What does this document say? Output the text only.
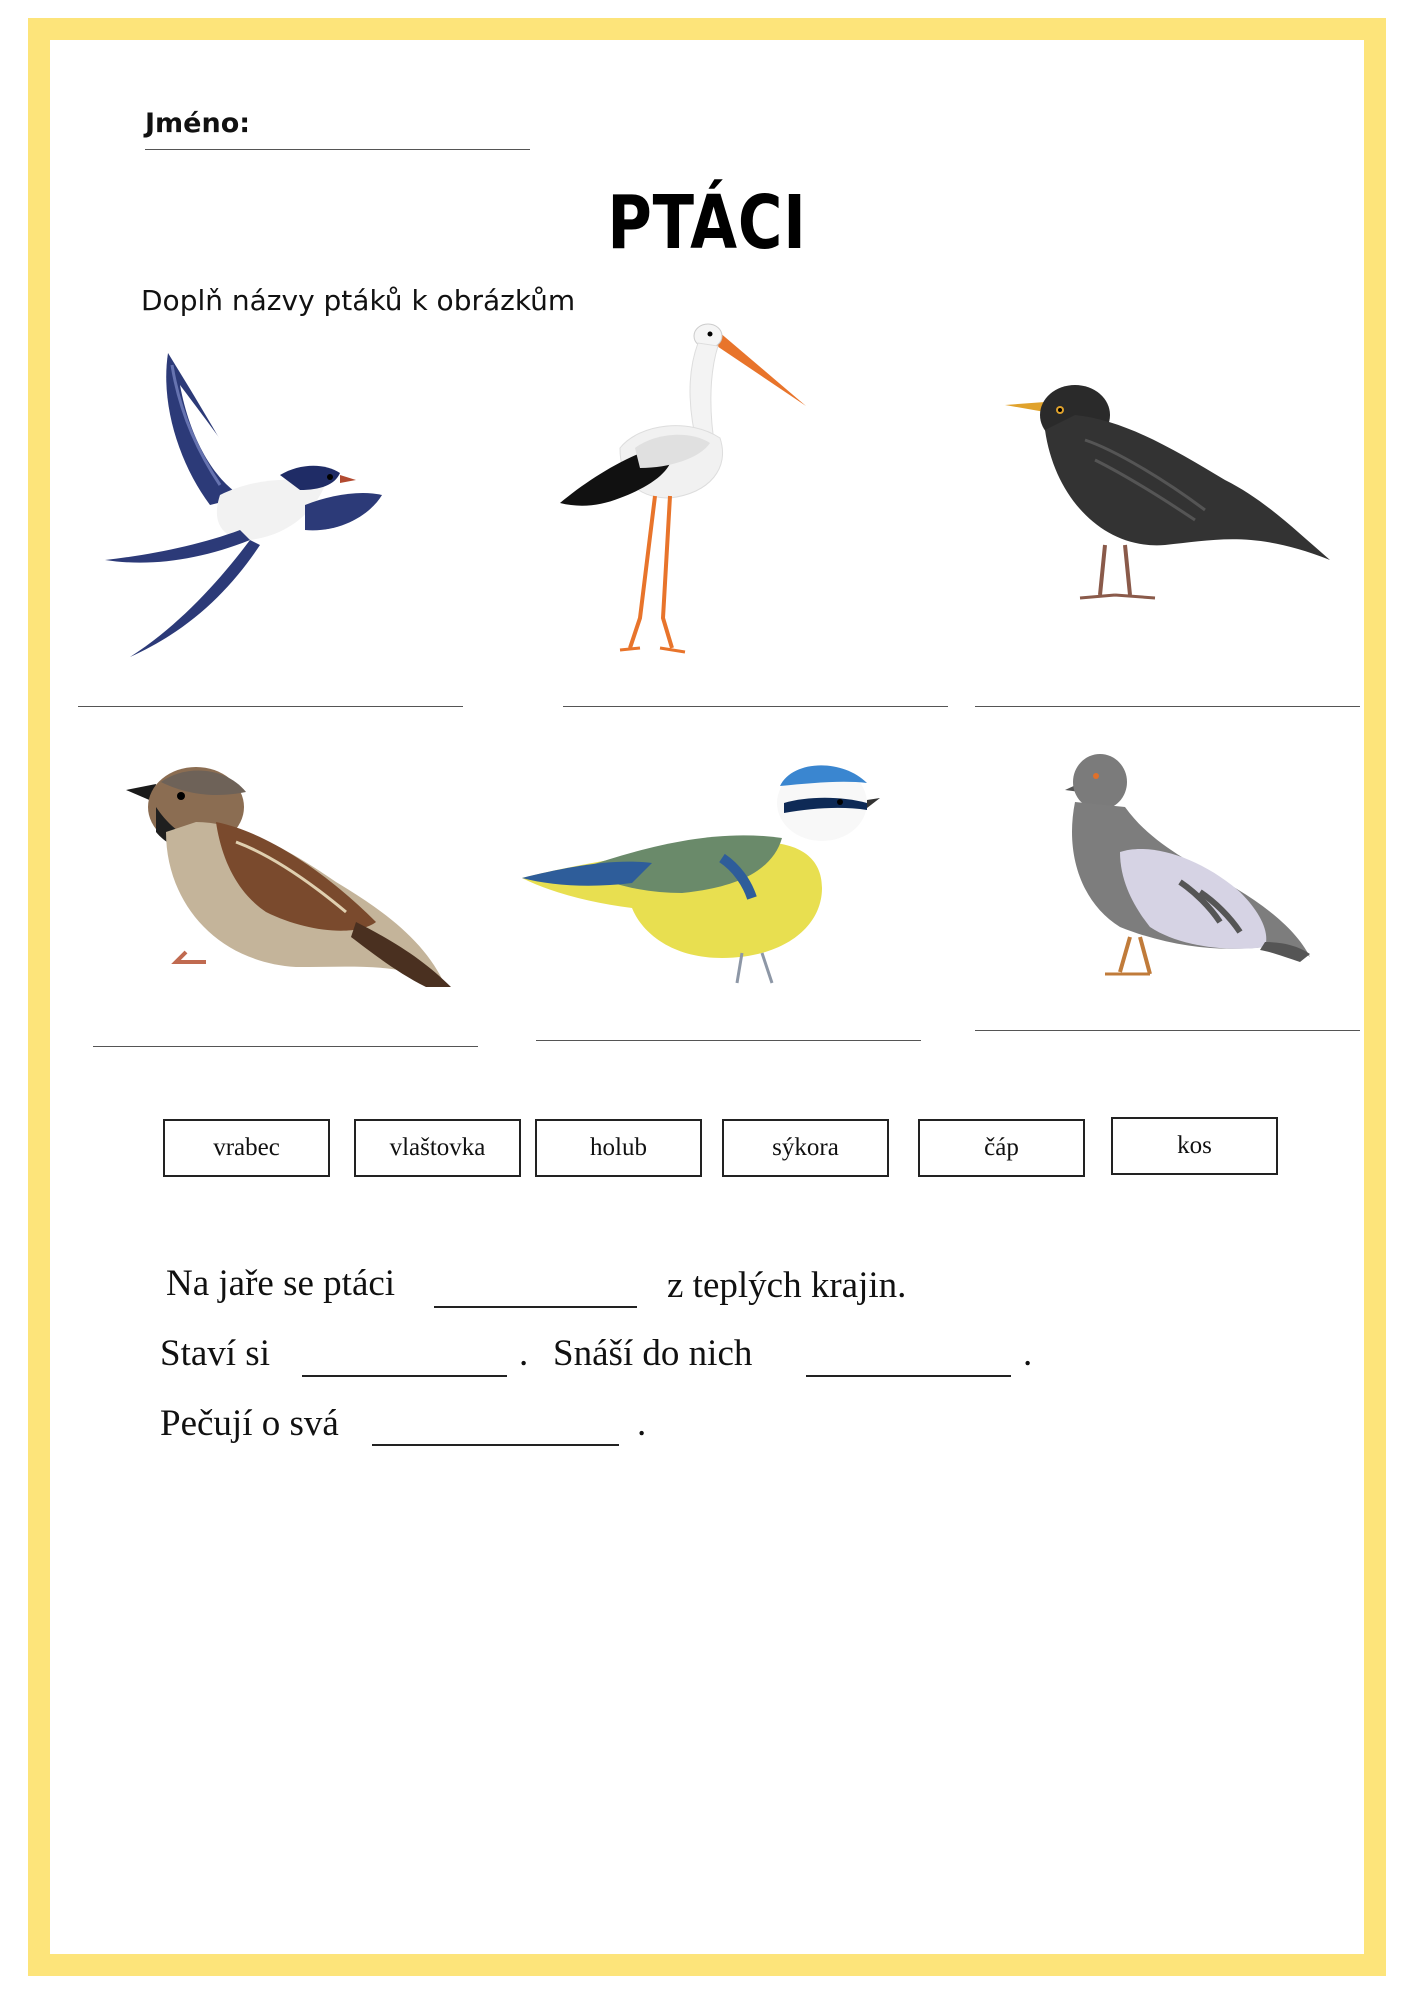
Jméno:
PTÁCI
Doplň názvy ptáků k obrázkům
vrabec	vlaštovka	holub	sýkora	čáp	kos
Na jaře se ptáci	z teplých krajin.
Staví si	. Snáší do nich	.
Pečují o svá	.
